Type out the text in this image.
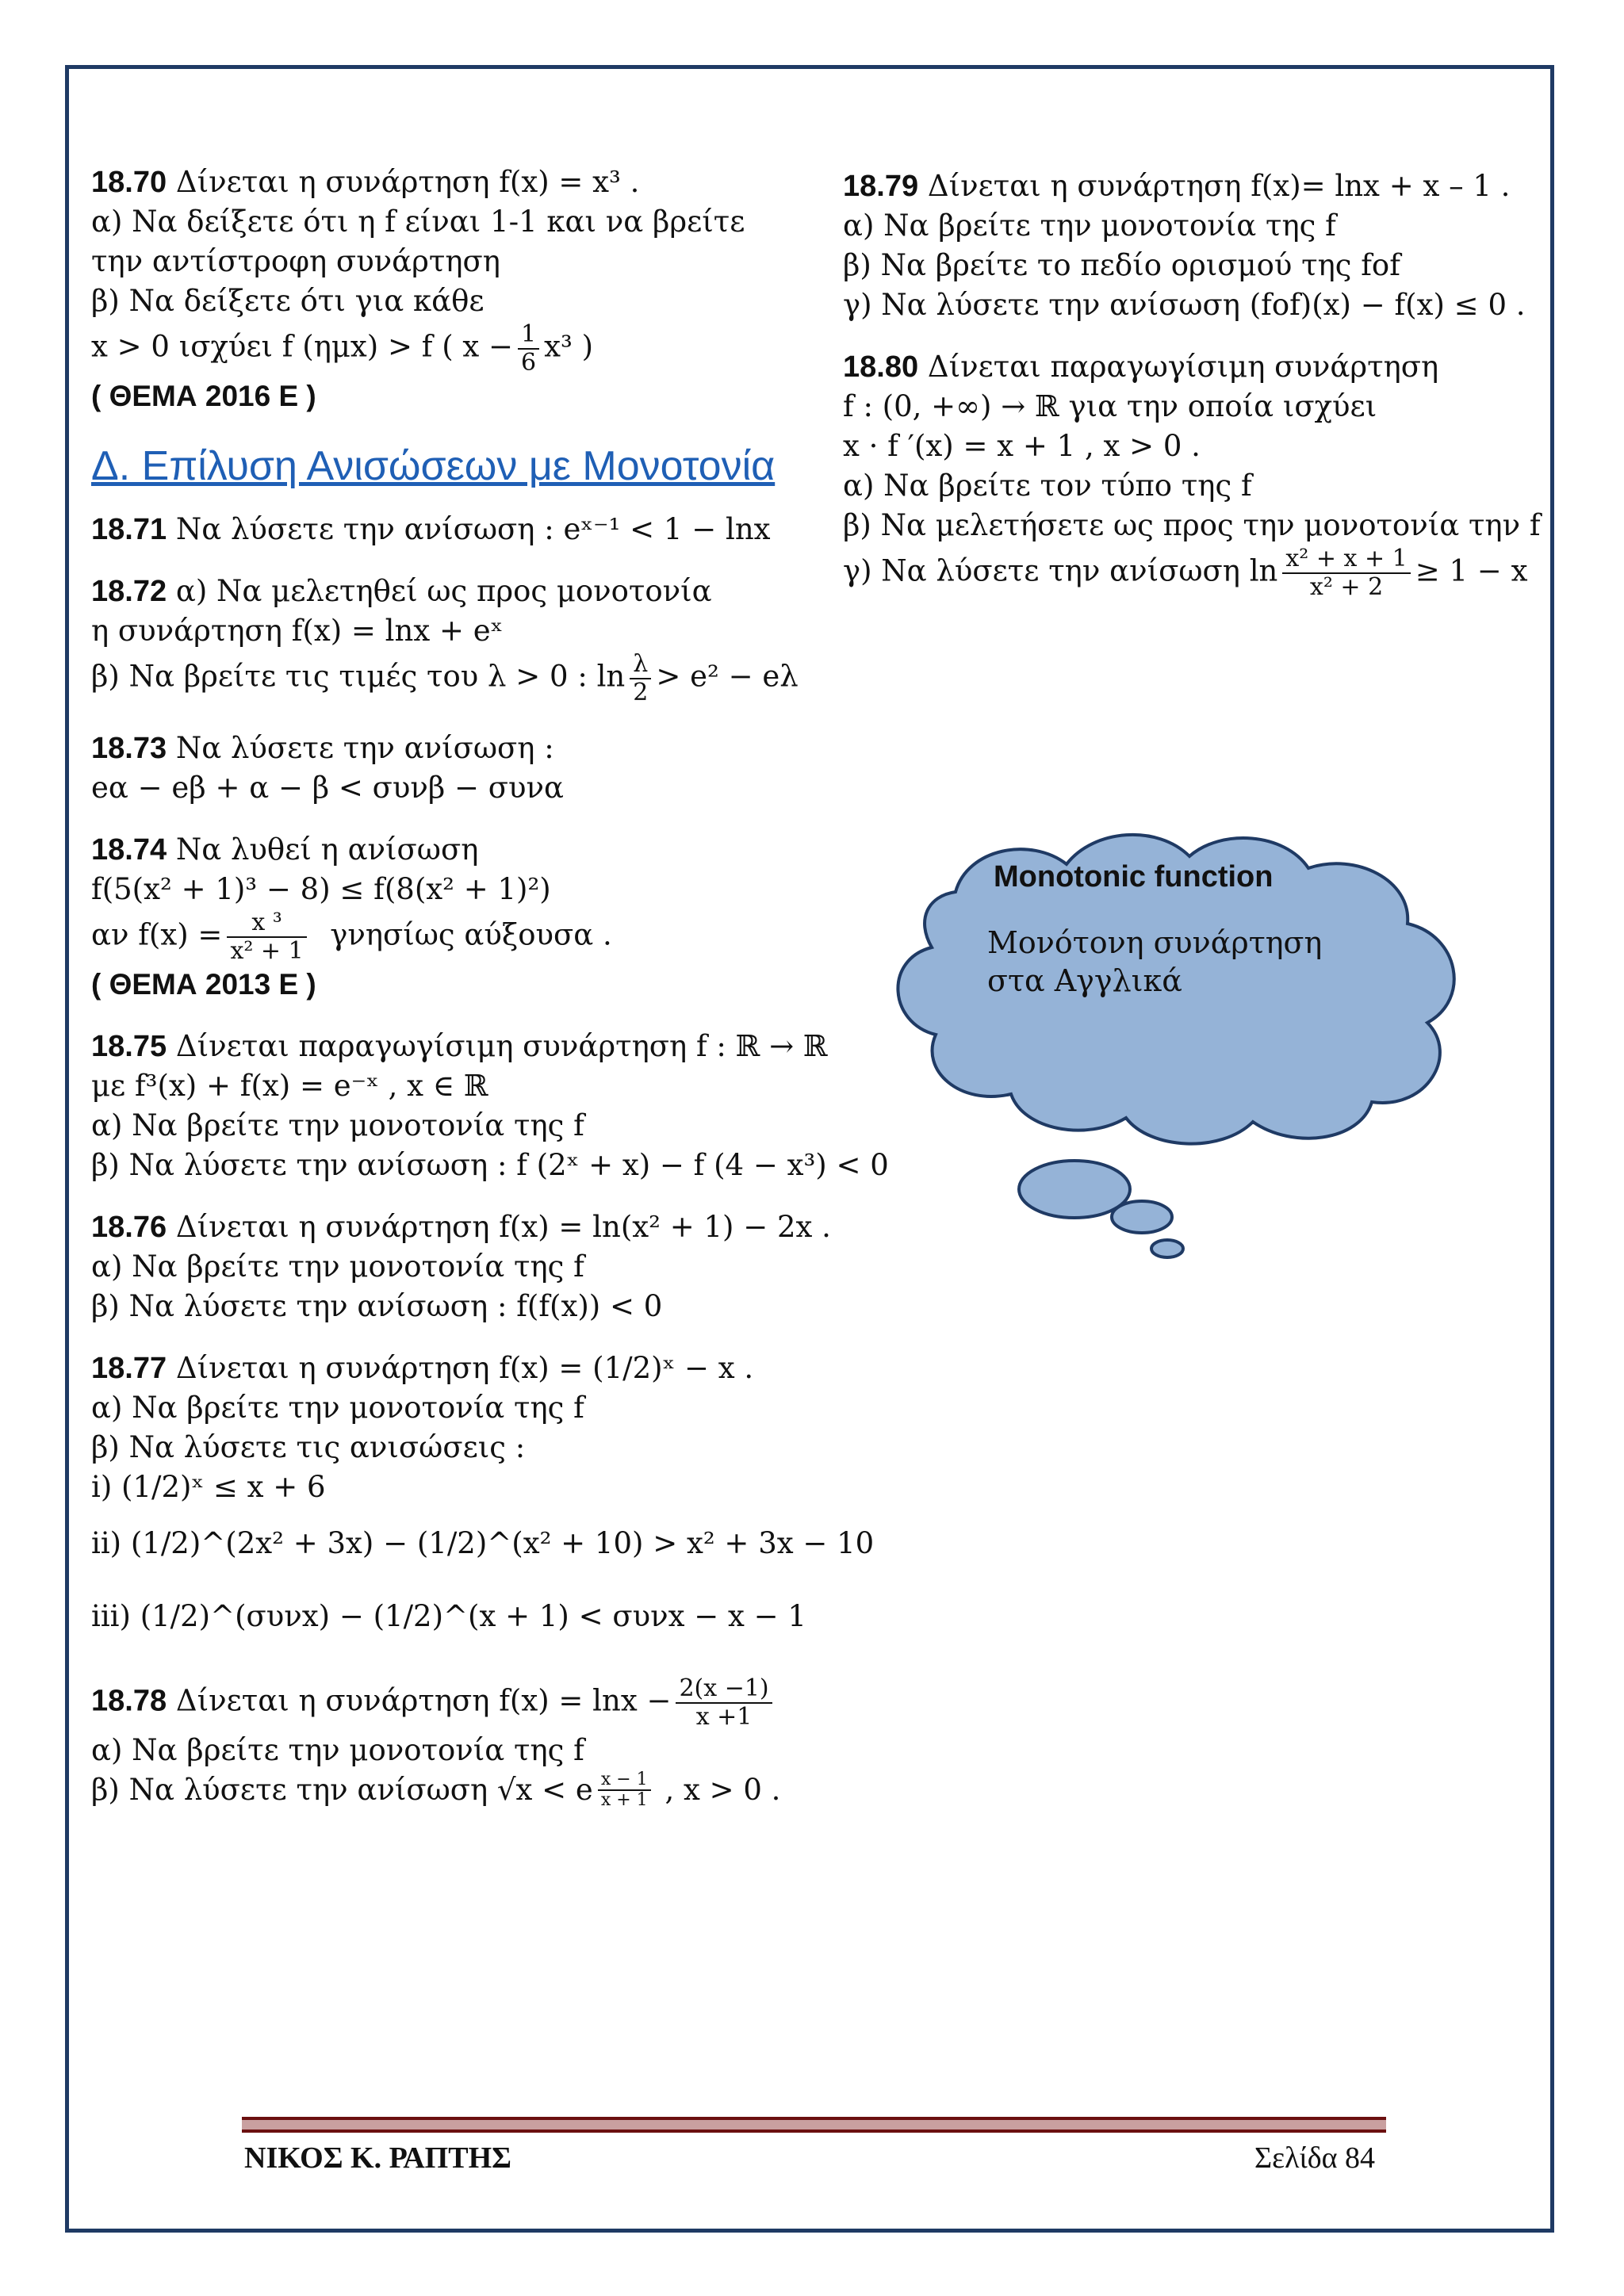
18.70 Δίνεται η συνάρτηση f(x) = x³ .
α) Να δείξετε ότι η f είναι 1-1 και να βρείτε
την αντίστροφη συνάρτηση
β) Να δείξετε ότι για κάθε
x > 0 ισχύει f (ημx) > f ( $x - \frac{1}{6} x^3$ )
( ΘΕΜΑ 2016 Ε )
Δ. Επίλυση Ανισώσεων με Μονοτονία
18.71 Να λύσετε την ανίσωση : eˣ⁻¹ < 1 − lnx
18.72 α) Να μελετηθεί ως προς μονοτονία
η συνάρτηση f(x) = lnx + eˣ
β) Να βρείτε τις τιμές του λ > 0 : $\ln \frac{\lambda}{2} > e^2 - e\lambda$
18.73 Να λύσετε την ανίσωση :
eα − eβ + α − β < συνβ − συνα
18.74 Να λυθεί η ανίσωση
f(5(x² + 1)³ − 8) ≤ f(8(x² + 1)²)
αν $f(x) = \frac{\text{x ³}}{\text{x² + 1}}$ γνησίως αύξουσα .
( ΘΕΜΑ 2013 Ε )
18.75 Δίνεται παραγωγίσιμη συνάρτηση f : ℝ → ℝ
με f³(x) + f(x) = e⁻ˣ , x ∈ ℝ
α) Να βρείτε την μονοτονία της f
β) Να λύσετε την ανίσωση : f (2ˣ + x) − f (4 − x³) < 0
18.76 Δίνεται η συνάρτηση f(x) = ln(x² + 1) − 2x .
α) Να βρείτε την μονοτονία της f
β) Να λύσετε την ανίσωση : f(f(x)) < 0
18.77 Δίνεται η συνάρτηση f(x) = (1/2)ˣ − x .
α) Να βρείτε την μονοτονία της f
β) Να λύσετε τις ανισώσεις :
i) (1/2)ˣ ≤ x + 6
ii) (1/2)^(2x² + 3x) − (1/2)^(x² + 10) > x² + 3x − 10
iii) (1/2)^(συνx) − (1/2)^(x + 1) < συνx − x − 1
18.78 Δίνεται η συνάρτηση $f(x) = \ln x - \frac{2(x -1)}{x +1}$
α) Να βρείτε την μονοτονία της f
β) Να λύσετε την ανίσωση √x < e $\frac{x - 1}{x + 1}$ , x > 0 .
18.79 Δίνεται η συνάρτηση f(x)= lnx + x – 1 .
α) Να βρείτε την μονοτονία της f
β) Να βρείτε το πεδίο ορισμού της fof
γ) Να λύσετε την ανίσωση (fof)(x) − f(x) ≤ 0 .
18.80 Δίνεται παραγωγίσιμη συνάρτηση
f : (0, +∞) → ℝ για την οποία ισχύει
x · f ′(x) = x + 1 , x > 0 .
α) Να βρείτε τον τύπο της f
β) Να μελετήσετε ως προς την μονοτονία την f
γ) Να λύσετε την ανίσωση $\ln \frac{\text{x² + x + 1}}{\text{x² + 2}} \ge 1 - x$
Monotonic function
Μονότονη συνάρτηση
στα Αγγλικά
ΝΙΚΟΣ Κ. ΡΑΠΤΗΣ	Σελίδα 84
